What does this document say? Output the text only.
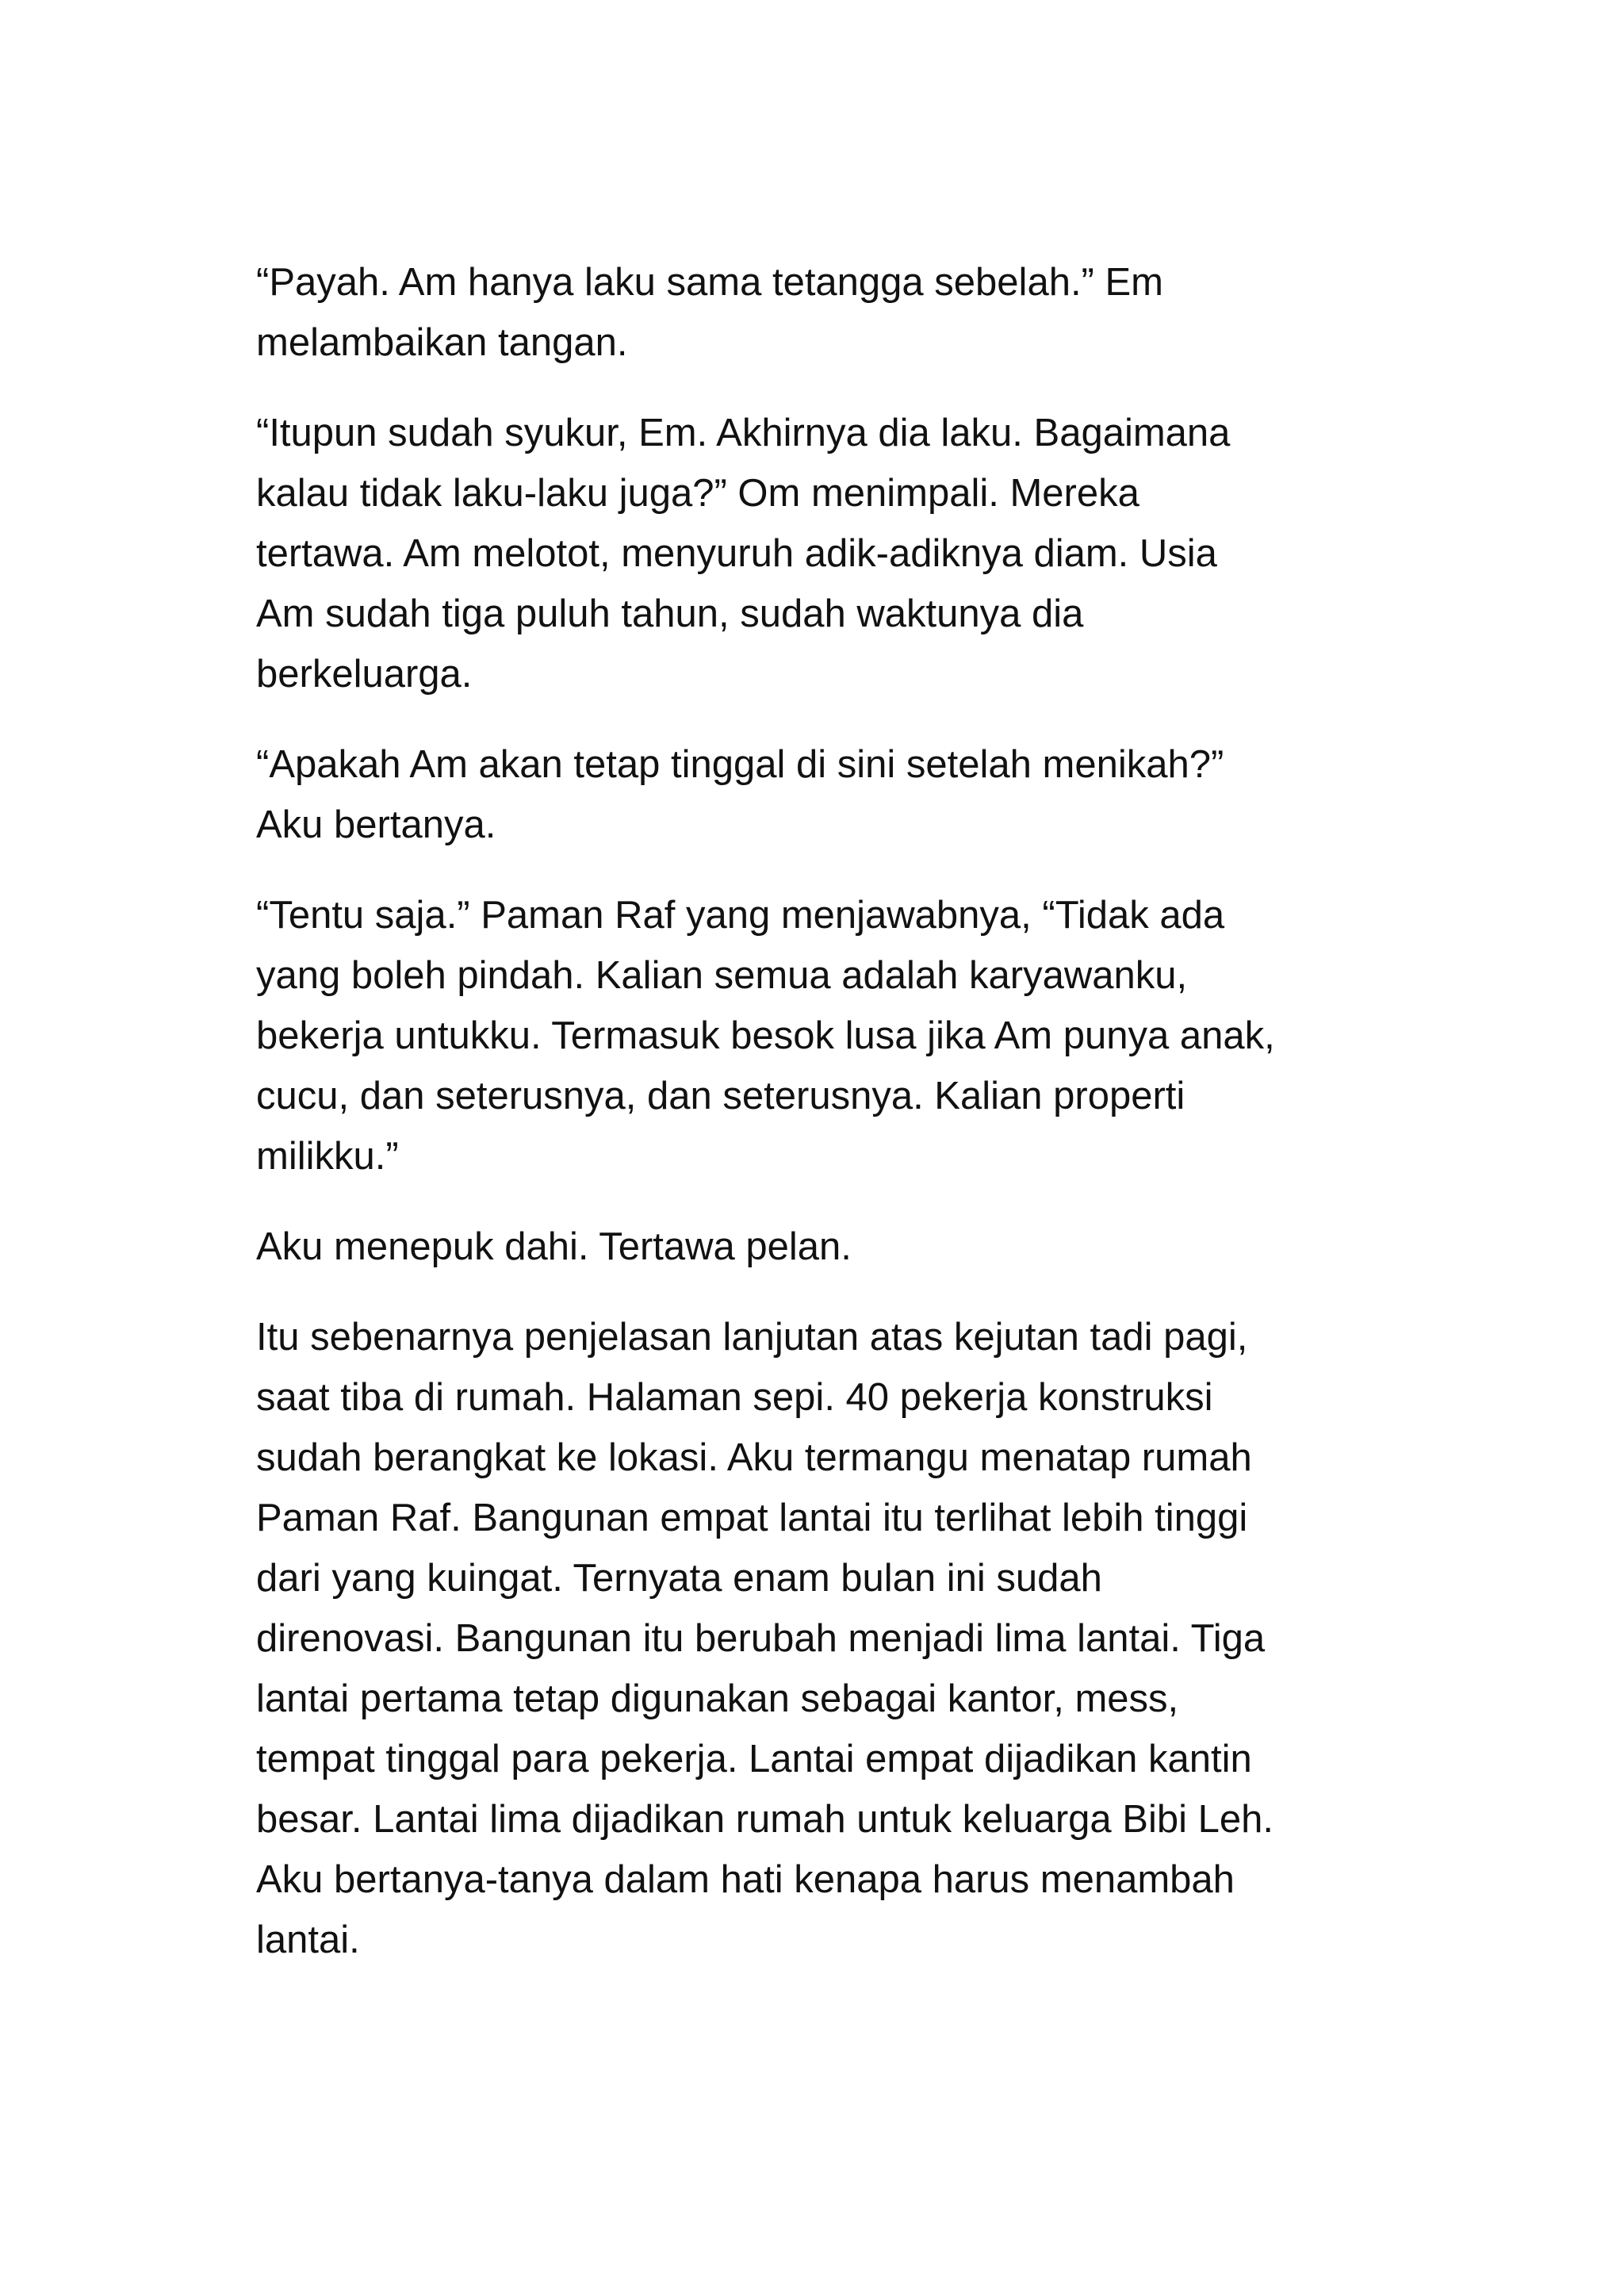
“Payah. Am hanya laku sama tetangga sebelah.” Em
melambaikan tangan.

“Itupun sudah syukur, Em. Akhirnya dia laku. Bagaimana
kalau tidak laku-laku juga?” Om menimpali. Mereka
tertawa. Am melotot, menyuruh adik-adiknya diam. Usia
Am sudah tiga puluh tahun, sudah waktunya dia
berkeluarga.

“Apakah Am akan tetap tinggal di sini setelah menikah?”
Aku bertanya.

“Tentu saja.” Paman Raf yang menjawabnya, “Tidak ada
yang boleh pindah. Kalian semua adalah karyawanku,
bekerja untukku. Termasuk besok lusa jika Am punya anak,
cucu, dan seterusnya, dan seterusnya. Kalian properti
milikku.”

Aku menepuk dahi. Tertawa pelan.

Itu sebenarnya penjelasan lanjutan atas kejutan tadi pagi,
saat tiba di rumah. Halaman sepi. 40 pekerja konstruksi
sudah berangkat ke lokasi. Aku termangu menatap rumah
Paman Raf. Bangunan empat lantai itu terlihat lebih tinggi
dari yang kuingat. Ternyata enam bulan ini sudah
direnovasi. Bangunan itu berubah menjadi lima lantai. Tiga
lantai pertama tetap digunakan sebagai kantor, mess,
tempat tinggal para pekerja. Lantai empat dijadikan kantin
besar. Lantai lima dijadikan rumah untuk keluarga Bibi Leh.
Aku bertanya-tanya dalam hati kenapa harus menambah
lantai.
